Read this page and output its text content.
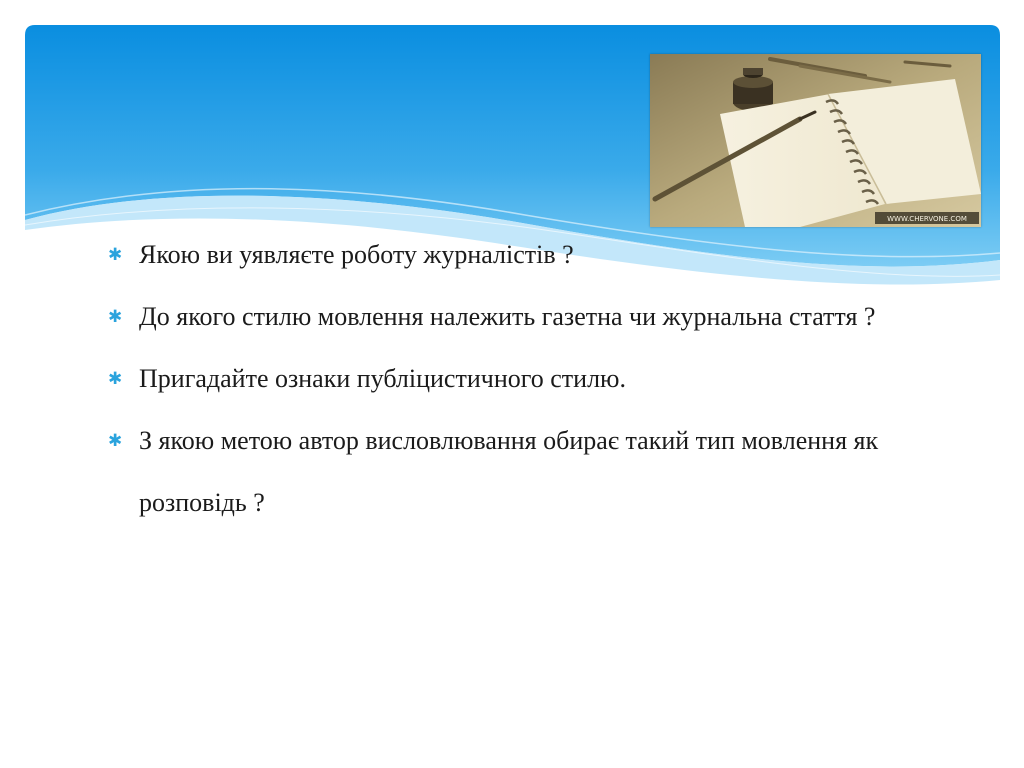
WWW.CHERVONE.COM
✱ Якою ви уявляєте роботу журналістів ?
✱ До якого стилю мовлення належить газетна чи журнальна стаття ?
✱ Пригадайте ознаки публіцистичного стилю.
✱ З якою метою автор висловлювання обирає такий тип мовлення як розповідь ?
